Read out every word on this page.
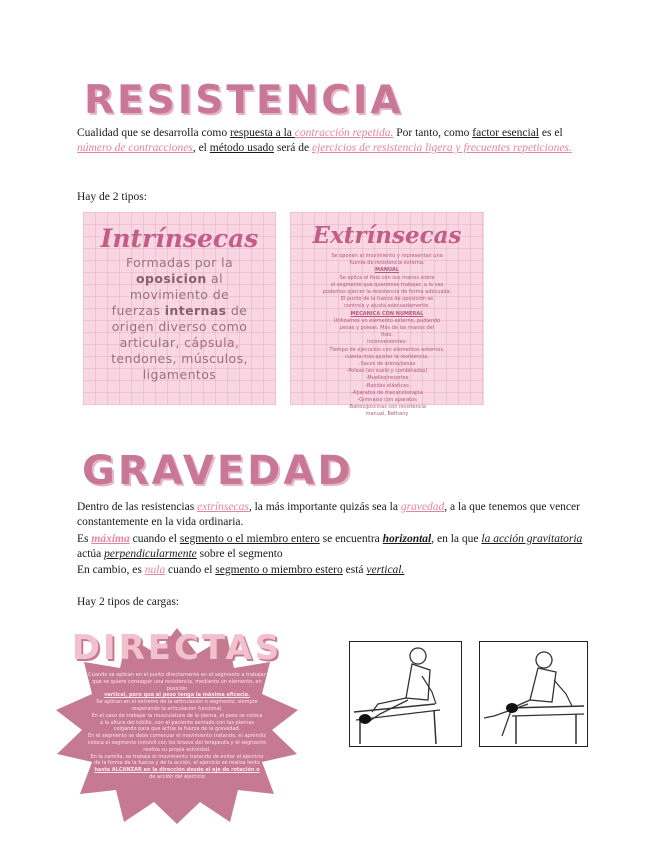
RESISTENCIA
Cualidad que se desarrolla como respuesta a la contracción repetida. Por tanto, como factor esencial es el número de contracciones, el método usado será de ejercicios de resistencia ligera y frecuentes repeticiones.
Hay de 2 tipos:
Intrínsecas
Formadas por la
oposicion al
movimiento de
fuerzas internas de
origen diverso como
articular, cápsula,
tendones, músculos,
ligamentos
Extrínsecas
Se oponen al movimiento y representan una
fuente de resistencia externa.
MANUAL
Se aplica el fisio con sus manos sobre
el segmento que queremos trabajar, a la vez
podemos ejercer la resistencia de forma adecuada.
El punto de la fuerza de oposición se
controla y ajusta adecuadamente.
MECANICA CON NUMERAL
Utilizamos un elemento externo, pudiendo
pesas y poleas. Más de las manos del
fisio.
Inconvenientes:
Tiempo de ejecución con elementos externos,
cuesta más ajustar la resistencia.
-Sacos de arena/pesas
-Poleas (en suelo y combinadas)
-Muelles/resortes
-Bandas elásticas
-Aparatos de mecanoterapia
-Gimnasio con aparatos
-Baños/piscinas con resistencia
manual, Bethany
GRAVEDAD
Dentro de las resistencias extrínsecas, la más importante quizás sea la gravedad, a la que tenemos que vencer constantemente en la vida ordinaria.
Es máxima cuando el segmento o el miembro entero se encuentra horizontal, en la que la acción gravitatoria actúa perpendicularmente sobre el segmento
En cambio, es nula cuando el segmento o miembro estero está vertical.
Hay 2 tipos de cargas:
DIRECTAS
Cuando se aplican en el punto directamente en el segmento a trabajar
que se quiere conseguir una resistencia, mediante un elemento, en posición
vertical, pero que el peso tenga la máxima eficacia.
Se aplican en el extremo de la articulación o segmento, siempre
respetando la articulación funcional.
En el caso de trabajar la musculatura de la pierna, el peso se coloca
a la altura del tobillo, con el paciente sentado con las piernas
colgando para que actúe la fuerza de la gravedad.
En el segmento se debe comenzar el movimiento tratando, el aprendiz
coloca el segmento inmóvil con los brazos del terapeuta y el segmento
realiza su propia actividad.
En la camilla, se trabaja el movimiento tratando de evitar el ejercicio
de la forma de la fuerza y de la acción, el ejercicio se realiza lento
hasta ALCANZAR en la dirección desde el eje de rotación o
de acción del ejercicio
